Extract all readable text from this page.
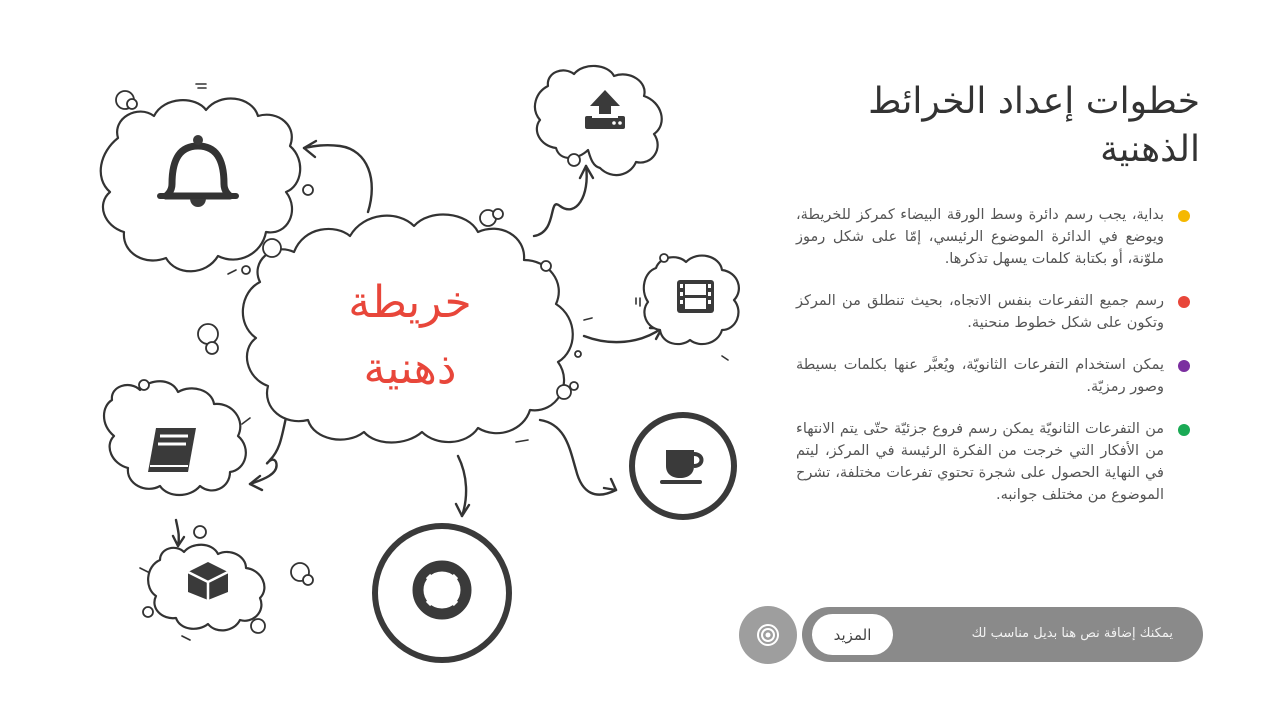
خريطة
ذهنية
خطوات إعداد الخرائط الذهنية
بداية، يجب رسم دائرة وسط الورقة البيضاء كمركز للخريطة، ويوضع في الدائرة الموضوع الرئيسي، إمّا على شكل رموز ملوّنة، أو بكتابة كلمات يسهل تذكرها.
رسم جميع التفرعات بنفس الاتجاه، بحيث تنطلق من المركز وتكون على شكل خطوط منحنية.
يمكن استخدام التفرعات الثانويّة، ويُعبَّر عنها بكلمات بسيطة وصور رمزيّة.
من التفرعات الثانويّة يمكن رسم فروع جزئيّة حتّى يتم الانتهاء من الأفكار التي خرجت من الفكرة الرئيسة في المركز، ليتم في النهاية الحصول على شجرة تحتوي تفرعات مختلفة، تشرح الموضوع من مختلف جوانبه.
يمكنك إضافة نص هنا بديل مناسب لك
المزيد
